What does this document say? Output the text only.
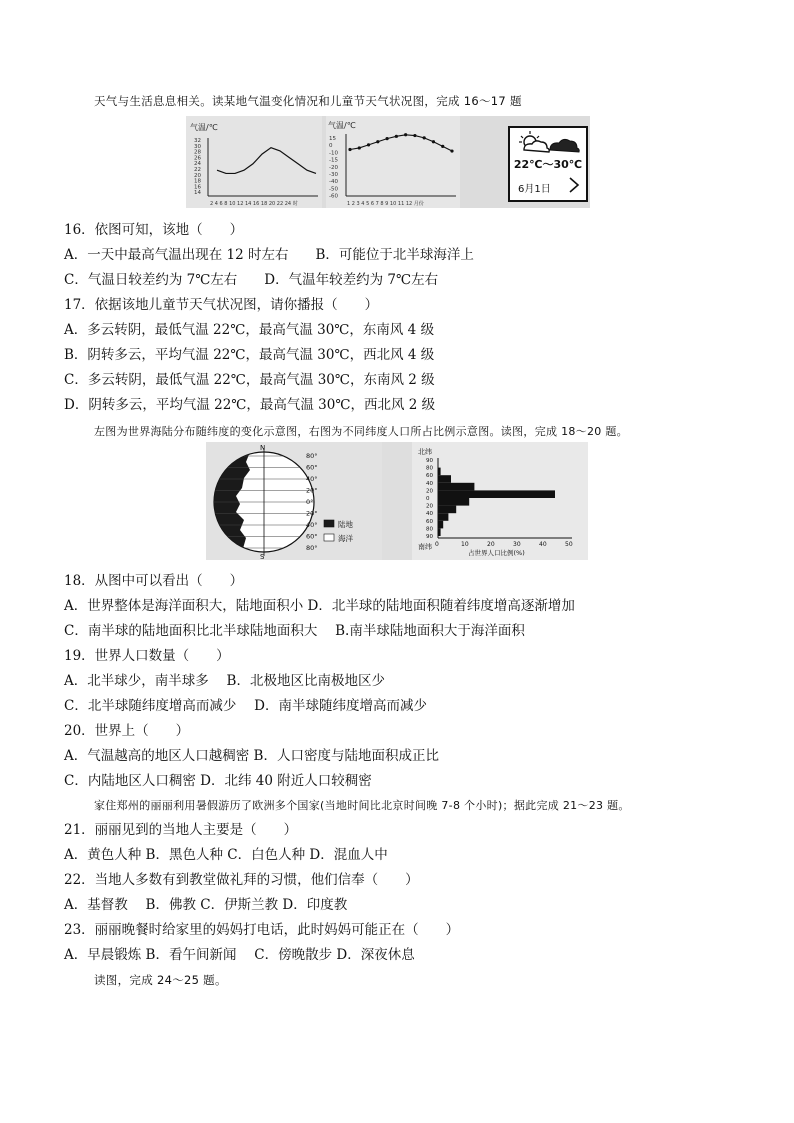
天气与生活息息相关。读某地气温变化情况和儿童节天气状况图，完成 16～17 题
气温/℃
32
30
28
26
24
22
20
18
16
14
2 4 6 8 10 12 14 16 18 20 22 24 时
气温/℃
15
0
-10
-15
-20
-30
-40
-50
-60
1 2 3 4 5 6 7 8 9 10 11 12 月份
22℃～30℃
6月1日
16．依图可知，该地（　　）
A．一天中最高气温出现在 12 时左右　　B．可能位于北半球海洋上
C．气温日较差约为 7℃左右　　D．气温年较差约为 7℃左右
17．依据该地儿童节天气状况图，请你播报（　　）
A．多云转阴，最低气温 22℃，最高气温 30℃，东南风 4 级
B．阴转多云，平均气温 22℃，最高气温 30℃，西北风 4 级
C．多云转阴，最低气温 22℃，最高气温 30℃，东南风 2 级
D．阴转多云，平均气温 22℃，最高气温 30℃，西北风 2 级
左图为世界海陆分布随纬度的变化示意图，右图为不同纬度人口所占比例示意图。读图，完成 18～20 题。
N
S
80°
60°
40°
20°
0°
20°
40°
60°
80°
陆地
海洋
北纬
南纬
90
80
60
40
20
0
20
40
60
80
90
0	10	20	30	40	50
占世界人口比例(%)
18．从图中可以看出（　　）
A．世界整体是海洋面积大，陆地面积小 D．北半球的陆地面积随着纬度增高逐渐增加
C．南半球的陆地面积比北半球陆地面积大　 B.南半球陆地面积大于海洋面积
19．世界人口数量（　　）
A．北半球少，南半球多　 B．北极地区比南极地区少
C．北半球随纬度增高而减少　 D．南半球随纬度增高而减少
20．世界上（　　）
A．气温越高的地区人口越稠密 B．人口密度与陆地面积成正比
C．内陆地区人口稠密 D．北纬 40 附近人口较稠密
家住郑州的丽丽利用暑假游历了欧洲多个国家(当地时间比北京时间晚 7-8 个小时)；据此完成 21～23 题。
21．丽丽见到的当地人主要是（　　）
A．黄色人种 B．黑色人种 C．白色人种 D．混血人中
22．当地人多数有到教堂做礼拜的习惯，他们信奉（　　）
A．基督教　 B．佛教 C．伊斯兰教 D．印度教
23．丽丽晚餐时给家里的妈妈打电话，此时妈妈可能正在（　　）
A．早晨锻炼 B．看午间新闻　 C．傍晚散步 D．深夜休息
读图，完成 24～25 题。
